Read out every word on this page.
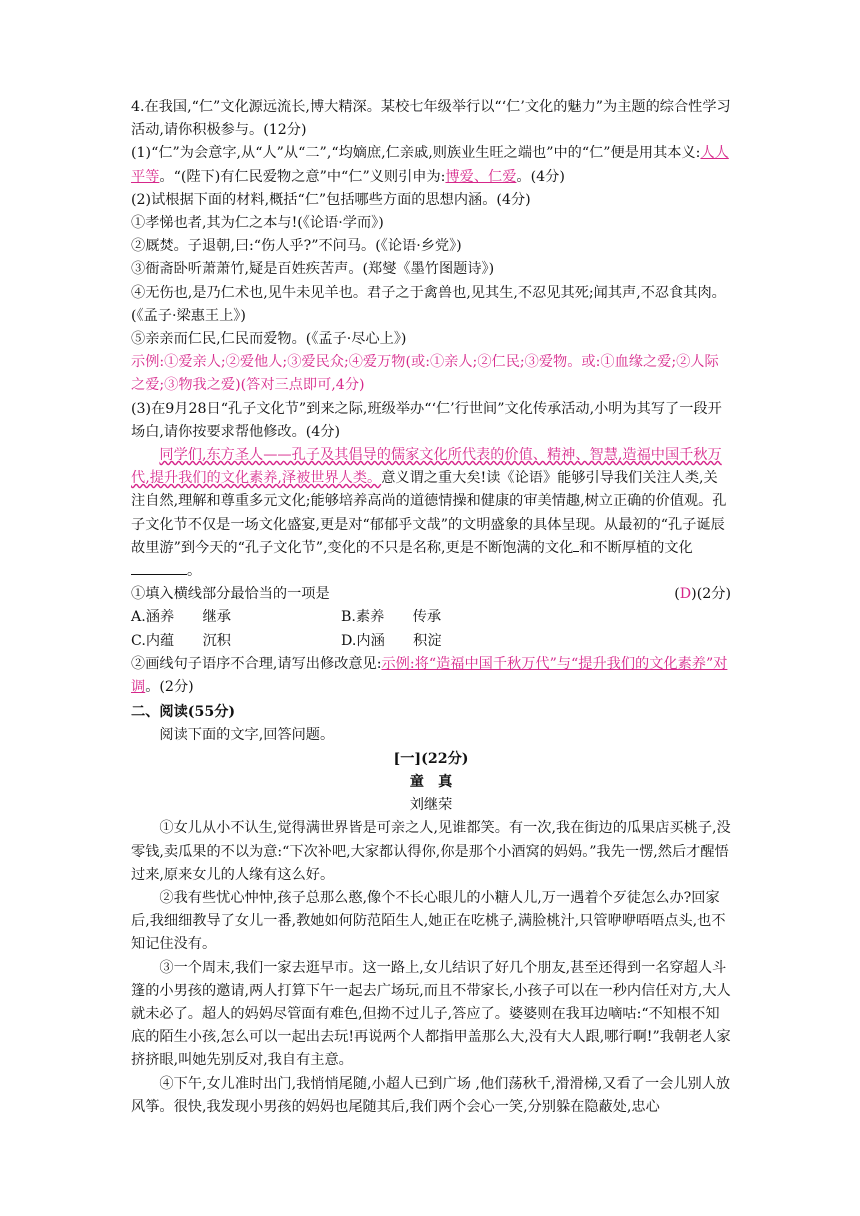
4.在我国,“仁”文化源远流长,博大精深。某校七年级举行以“‘仁’文化的魅力”为主题的综合性学习活动,请你积极参与。(12分)

(1)“仁”为会意字,从“人”从“二”,“均嫡庶,仁亲戚,则族业生旺之端也”中的“仁”便是用其本义:人人平等。“(陛下)有仁民爱物之意”中“仁”义则引申为:博爱、仁爱。(4分)

(2)试根据下面的材料,概括“仁”包括哪些方面的思想内涵。(4分)

①孝悌也者,其为仁之本与!(《论语·学而》)

②厩焚。子退朝,曰:“伤人乎?”不问马。(《论语·乡党》)

③衙斋卧听萧萧竹,疑是百姓疾苦声。(郑燮《墨竹图题诗》)

④无伤也,是乃仁术也,见牛未见羊也。君子之于禽兽也,见其生,不忍见其死;闻其声,不忍食其肉。(《孟子·梁惠王上》)

⑤亲亲而仁民,仁民而爱物。(《孟子·尽心上》)

示例:①爱亲人;②爱他人;③爱民众;④爱万物(或:①亲人;②仁民;③爱物。或:①血缘之爱;②人际之爱;③物我之爱)(答对三点即可,4分)

(3)在9月28日“孔子文化节”到来之际,班级举办“‘仁’行世间”文化传承活动,小明为其写了一段开场白,请你按要求帮他修改。(4分)

同学们,东方圣人——孔子及其倡导的儒家文化所代表的价值、精神、智慧,造福中国千秋万代,提升我们的文化素养,泽被世界人类。意义谓之重大矣!读《论语》能够引导我们关注人类,关注自然,理解和尊重多元文化;能够培养高尚的道德情操和健康的审美情趣,树立正确的价值观。孔子文化节不仅是一场文化盛宴,更是对“郁郁乎文哉”的文明盛象的具体呈现。从最初的“孔子诞辰故里游”到今天的“孔子文化节”,变化的不只是名称,更是不断饱满的文化 和不断厚植的文化。

①填入横线部分最恰当的一项是	(D)(2分)

A.涵养　　继承	B.素养　　传承
C.内蕴　　沉积	D.内涵　　积淀

②画线句子语序不合理,请写出修改意见:示例:将“造福中国千秋万代”与“提升我们的文化素养”对调。(2分)

二、阅读(55分)

阅读下面的文字,回答问题。

[一](22分)

童　真

刘继荣

①女儿从小不认生,觉得满世界皆是可亲之人,见谁都笑。有一次,我在街边的瓜果店买桃子,没零钱,卖瓜果的不以为意:“下次补吧,大家都认得你,你是那个小酒窝的妈妈。”我先一愣,然后才醒悟过来,原来女儿的人缘有这么好。

②我有些忧心忡忡,孩子总那么憨,像个不长心眼儿的小糖人儿,万一遇着个歹徒怎么办?回家后,我细细教导了女儿一番,教她如何防范陌生人,她正在吃桃子,满脸桃汁,只管咿咿唔唔点头,也不知记住没有。

③一个周末,我们一家去逛早市。这一路上,女儿结识了好几个朋友,甚至还得到一名穿超人斗篷的小男孩的邀请,两人打算下午一起去广场玩,而且不带家长,小孩子可以在一秒内信任对方,大人就未必了。超人的妈妈尽管面有难色,但拗不过儿子,答应了。婆婆则在我耳边嘀咕:“不知根不知底的陌生小孩,怎么可以一起出去玩!再说两个人都指甲盖那么大,没有大人跟,哪行啊!”我朝老人家挤挤眼,叫她先别反对,我自有主意。

④下午,女儿准时出门,我悄悄尾随,小超人已到广场 ,他们荡秋千,滑滑梯,又看了一会儿别人放风筝。很快,我发现小男孩的妈妈也尾随其后,我们两个会心一笑,分别躲在隐蔽处,忠心
